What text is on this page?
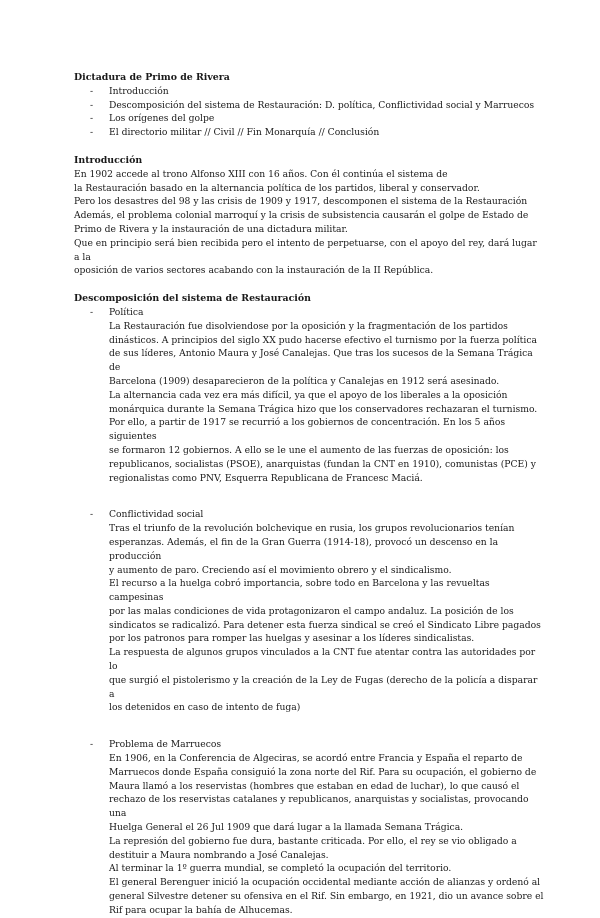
Dictadura de Primo de Rivera
- Introducción
- Descomposición del sistema de Restauración: D. política, Conflictividad social y Marruecos
- Los orígenes del golpe
- El directorio militar // Civil // Fin Monarquía // Conclusión
Introducción

En 1902 accede al trono Alfonso XIII con 16 años. Con él continúa el sistema de

la Restauración basado en la alternancia política de los partidos, liberal y conservador.

Pero los desastres del 98 y las crisis de 1909 y 1917, descomponen el sistema de la Restauración

Además, el problema colonial marroquí y la crisis de subsistencia causarán el golpe de Estado de

Primo de Rivera y la instauración de una dictadura militar.

Que en principio será bien recibida pero el intento de perpetuarse, con el apoyo del rey, dará lugar a la

oposición de varios sectores acabando con la instauración de la II República.

Descomposición del sistema de Restauración
- Política

La Restauración fue disolviendose por la oposición y la fragmentación de los partidos

dinásticos. A principios del siglo XX pudo hacerse efectivo el turnismo por la fuerza política

de sus líderes, Antonio Maura y José Canalejas. Que tras los sucesos de la Semana Trágica de

Barcelona (1909) desaparecieron de la política y Canalejas en 1912 será asesinado.

La alternancia cada vez era más difícil, ya que el apoyo de los liberales a la oposición

monárquica durante la Semana Trágica hizo que los conservadores rechazaran el turnismo.

Por ello, a partir de 1917 se recurrió a los gobiernos de concentración. En los 5 años siguientes

se formaron 12 gobiernos. A ello se le une el aumento de las fuerzas de oposición: los

republicanos, socialistas (PSOE), anarquistas (fundan la CNT en 1910), comunistas (PCE) y

regionalistas como PNV, Esquerra Republicana de Francesc Maciá.

- Conflictividad social

Tras el triunfo de la revolución bolchevique en rusia, los grupos revolucionarios tenían

esperanzas. Además, el fin de la Gran Guerra (1914-18), provocó un descenso en la producción

y aumento de paro. Creciendo así el movimiento obrero y el sindicalismo.

El recurso a la huelga cobró importancia, sobre todo en Barcelona y las revueltas campesinas

por las malas condiciones de vida protagonizaron el campo andaluz. La posición de los

sindicatos se radicalizó. Para detener esta fuerza sindical se creó el Sindicato Libre pagados

por los patronos para romper las huelgas y asesinar a los líderes sindicalistas.

La respuesta de algunos grupos vinculados a la CNT fue atentar contra las autoridades por lo

que surgió el pistolerismo y la creación de la Ley de Fugas (derecho de la policía a disparar a

los detenidos en caso de intento de fuga)

- Problema de Marruecos

En 1906, en la Conferencia de Algeciras, se acordó entre Francia y España el reparto de

Marruecos donde España consiguió la zona norte del Rif. Para su ocupación, el gobierno de

Maura llamó a los reservistas (hombres que estaban en edad de luchar), lo que causó el

rechazo de los reservistas catalanes y republicanos, anarquistas y socialistas, provocando una

Huelga General el 26 Jul 1909 que dará lugar a la llamada Semana Trágica.

La represión del gobierno fue dura, bastante criticada. Por ello, el rey se vio obligado a

destituir a Maura nombrando a José Canalejas.

Al terminar la 1º guerra mundial, se completó la ocupación del territorio.

El general Berenguer inició la ocupación occidental mediante acción de alianzas y ordenó al

general Silvestre detener su ofensiva en el Rif. Sin embargo, en 1921, dio un avance sobre el

Rif para ocupar la bahía de Alhucemas.
